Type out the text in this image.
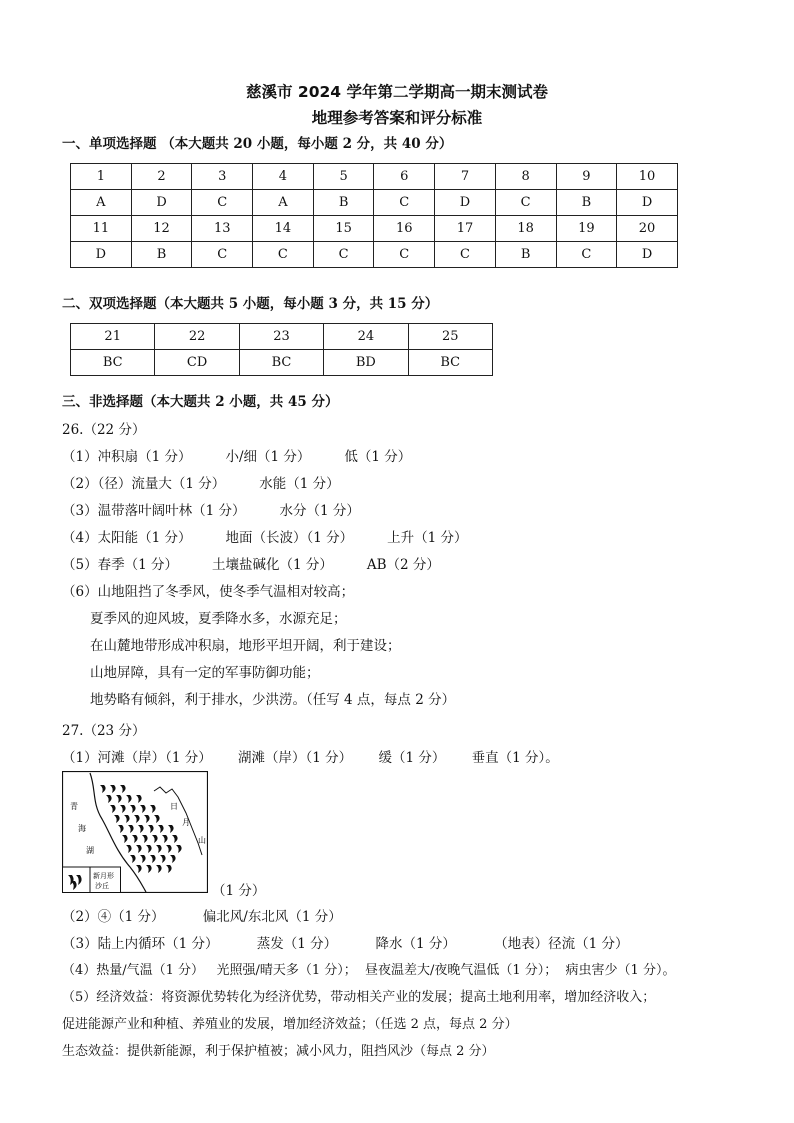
慈溪市 2024 学年第二学期高一期末测试卷
地理参考答案和评分标准
一、单项选择题 （本大题共 20 小题，每小题 2 分，共 40 分）
1	2	3	4	5	6	7	8	9	10
A	D	C	A	B	C	D	C	B	D
11	12	13	14	15	16	17	18	19	20
D	B	C	C	C	C	C	B	C	D
二、双项选择题（本大题共 5 小题，每小题 3 分，共 15 分）
21	22	23	24	25
BC	CD	BC	BD	BC
三、非选择题（本大题共 2 小题，共 45 分）
26.（22 分）
（1）冲积扇（1 分）	小/细（1 分）	低（1 分）
（2）（径）流量大（1 分）	水能（1 分）
（3）温带落叶阔叶林（1 分）	水分（1 分）
（4）太阳能（1 分）	地面（长波）（1 分）	上升（1 分）
（5）春季（1 分）	土壤盐碱化（1 分）	AB（2 分）
（6）山地阻挡了冬季风，使冬季气温相对较高；
夏季风的迎风坡，夏季降水多，水源充足；
在山麓地带形成冲积扇，地形平坦开阔，利于建设；
山地屏障，具有一定的军事防御功能；
地势略有倾斜，利于排水，少洪涝。（任写 4 点，每点 2 分）
27.（23 分）
（1）河滩（岸）（1 分） 湖滩（岸）（1 分） 缓（1 分） 垂直（1 分）。
新月形
沙丘
青
海
湖
日
月
山
（1 分）
（2）④（1 分）	偏北风/东北风（1 分）
（3）陆上内循环（1 分）	蒸发（1 分）	降水（1 分）	（地表）径流（1 分）
（4）热量/气温（1 分）   光照强/晴天多（1 分）；  昼夜温差大/夜晚气温低（1 分）；  病虫害少（1 分）。
（5）经济效益：将资源优势转化为经济优势，带动相关产业的发展；提高土地利用率，增加经济收入；
促进能源产业和种植、养殖业的发展，增加经济效益；（任选 2 点，每点 2 分）
生态效益：提供新能源，利于保护植被；减小风力，阻挡风沙（每点 2 分）
